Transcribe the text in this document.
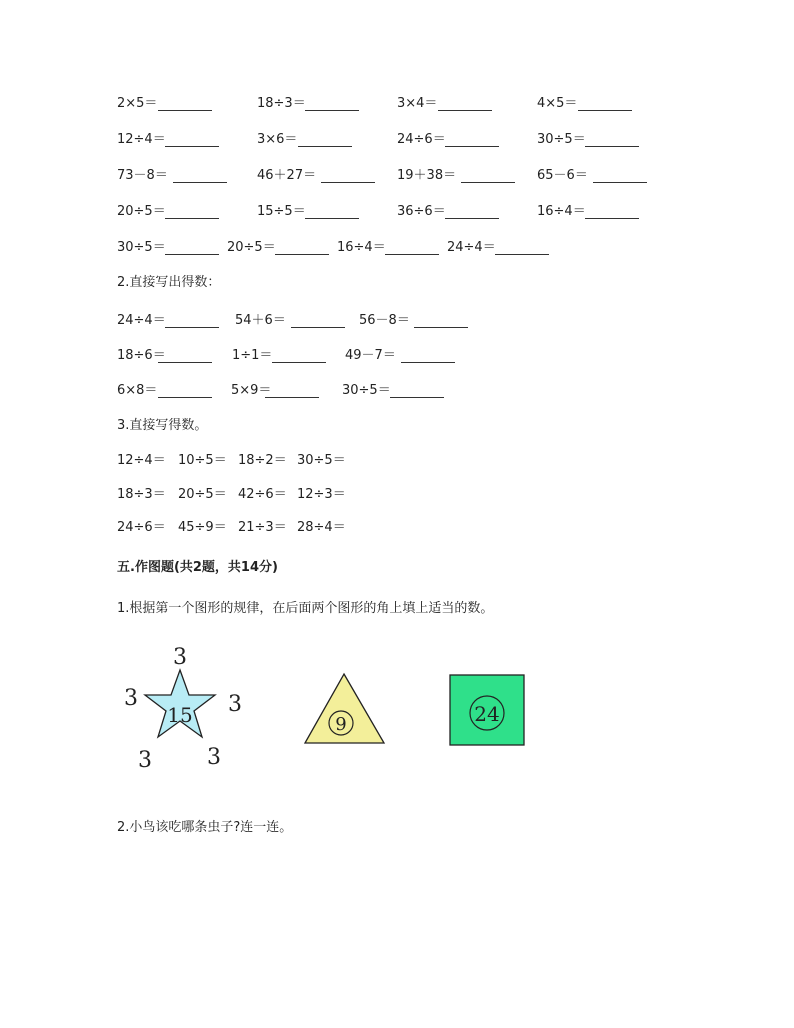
2×5＝	18÷3＝	3×4＝	4×5＝
12÷4＝	3×6＝	24÷6＝	30÷5＝
73－8＝	46＋27＝	19＋38＝	65－6＝
20÷5＝	15÷5＝	36÷6＝	16÷4＝
30÷5＝	20÷5＝	16÷4＝	24÷4＝
2.直接写出得数：
24÷4＝	54＋6＝	56－8＝
18÷6＝	1÷1＝	49－7＝
6×8＝	5×9＝	30÷5＝
3.直接写得数。
12÷4＝ 10÷5＝ 18÷2＝ 30÷5＝
18÷3＝ 20÷5＝ 42÷6＝ 12÷3＝
24÷6＝ 45÷9＝ 21÷3＝ 28÷4＝
五.作图题(共2题，共14分)
1.根据第一个图形的规律，在后面两个图形的角上填上适当的数。
15
3
3	3
3	3
9	24
2.小鸟该吃哪条虫子?连一连。
